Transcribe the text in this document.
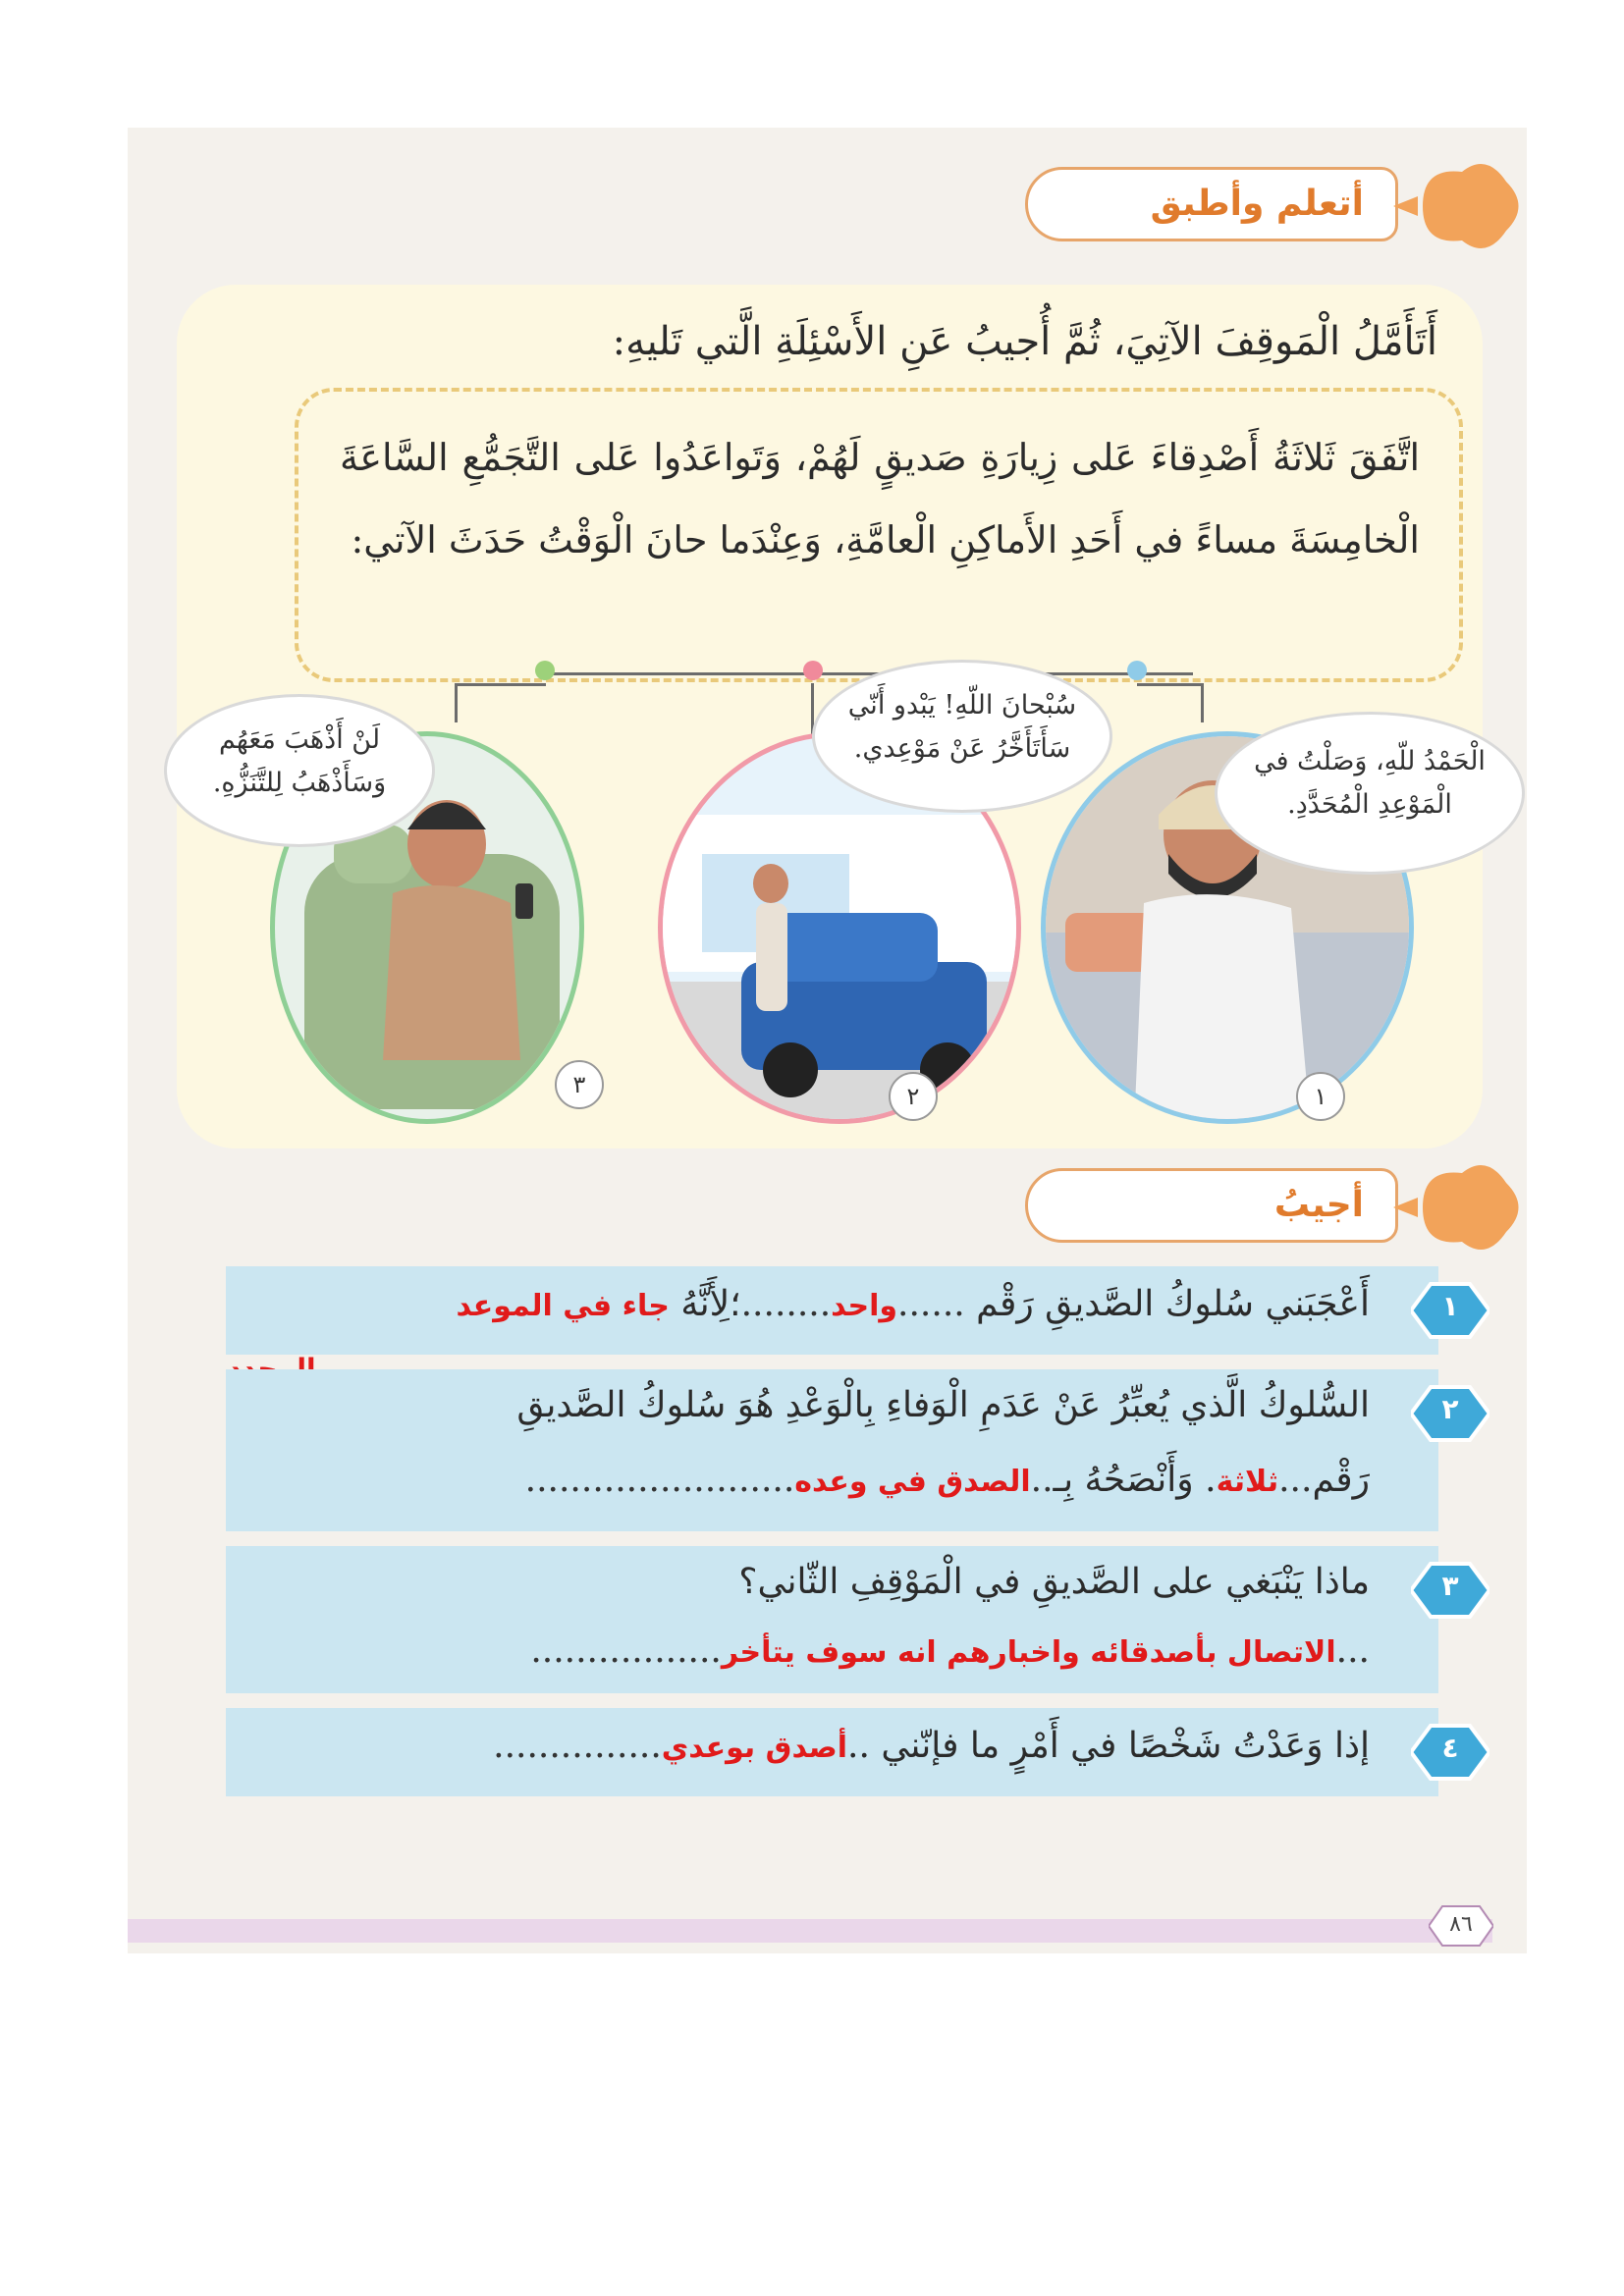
أتعلم وأطبق
أَتَأَمَّلُ الْمَوقِفَ الآتِيَ، ثُمَّ أُجيبُ عَنِ الأَسْئِلَةِ الَّتي تَليهِ:
اتَّفَقَ ثَلاثَةُ أَصْدِقاءَ عَلى زِيارَةِ صَديقٍ لَهُمْ، وَتَواعَدُوا عَلى التَّجَمُّعِ السَّاعَةَ الْخامِسَةَ مساءً في أَحَدِ الأَماكِنِ الْعامَّةِ، وَعِنْدَما حانَ الْوَقْتُ حَدَثَ الآتي:
٣	٢	١
لَنْ أَذْهَبَ مَعَهُم
وَسَأَذْهَبُ لِلتَّنَزُّهِ.
سُبْحانَ اللّهِ! يَبْدو أَنّي
سَأَتَأَخَّرُ عَنْ مَوْعِدي.	الْحَمْدُ للّهِ، وَصَلْتُ في
الْمَوْعِدِ الْمُحَدَّدِ.
أجيبُ
١
أَعْجَبَني سُلوكُ الصَّديقِ رَقْم ......واحد........؛لِأَنَّهُ جاء في الموعد
٢
السُّلوكُ الَّذي يُعبِّرُ عَنْ عَدَمِ الْوَفاءِ بِالْوَعْدِ هُوَ سُلوكُ الصَّديقِ
رَقْم...ثلاثة. وَأَنْصَحُهُ بِـ..الصدق في وعده........................
٣
ماذا يَنْبَغي على الصَّديقِ في الْمَوْقِفِ الثّاني؟
...الاتصال بأصدقائه واخبارهم انه سوف يتأخر.................
٤
إذا وَعَدْتُ شَخْصًا في أَمْرٍ ما فإنّني ..أصدق بوعدي...............
٨٦
